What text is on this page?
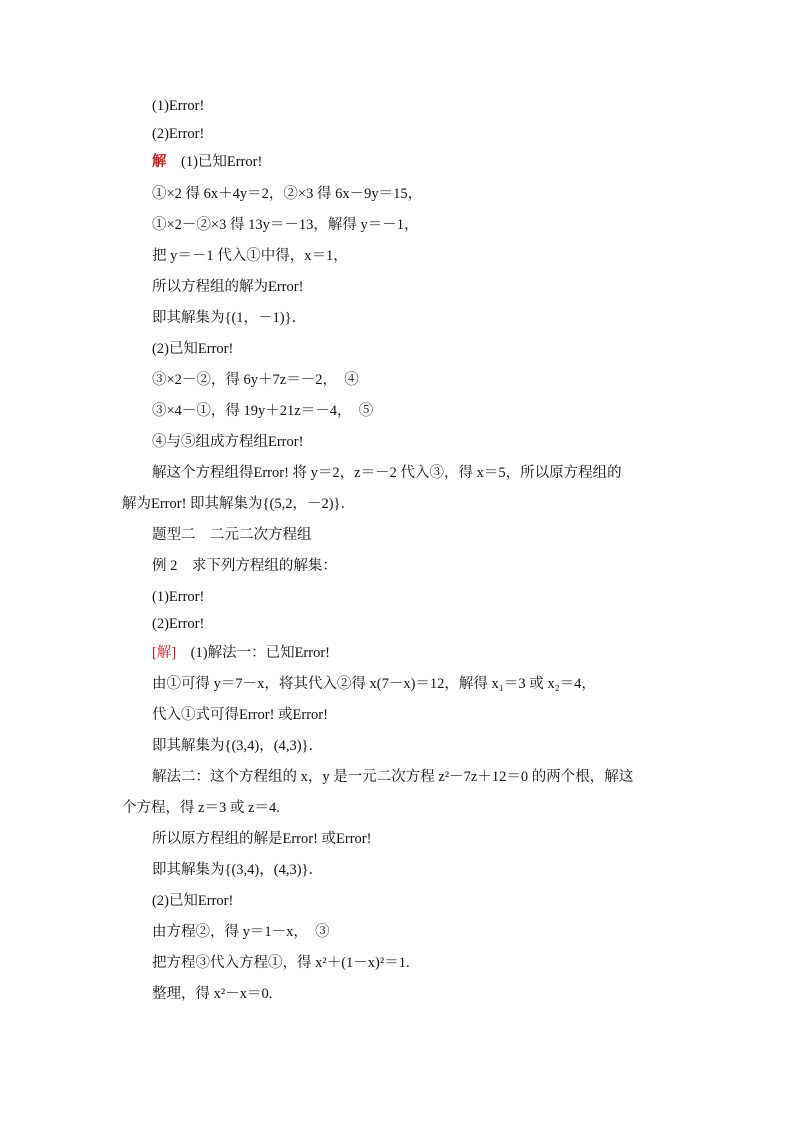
(1)Error!
(2)Error!
解　 (1)已知Error!
①×2 得 6x＋4y＝2，②×3 得 6x－9y＝15，
①×2－②×3 得 13y＝－13，解得 y＝－1，
把 y＝－1 代入①中得，x＝1，
所以方程组的解为Error!
即其解集为{(1，－1)}．
(2)已知Error!
③×2－②，得 6y＋7z＝－2，　④
③×4－①，得 19y＋21z＝－4，　⑤
④与⑤组成方程组Error!
解这个方程组得Error! 将 y＝2，z＝－2 代入③，得 x＝5，所以原方程组的
解为Error! 即其解集为{(5,2，－2)}．
题型二　二元二次方程组
例 2　求下列方程组的解集：
(1)Error!
(2)Error!
[解]  (1)解法一：已知Error!
由①可得 y＝7－x，将其代入②得 x(7－x)＝12，解得 x₁＝3 或 x₂＝4，
代入①式可得Error! 或Error!
即其解集为{(3,4)，(4,3)}．
解法二：这个方程组的 x，y 是一元二次方程 z²－7z＋12＝0 的两个根，解这
个方程，得 z＝3 或 z＝4.
所以原方程组的解是Error! 或Error!
即其解集为{(3,4)，(4,3)}．
(2)已知Error!
由方程②，得 y＝1－x，　③
把方程③代入方程①，得 x²＋(1－x)²＝1.
整理，得 x²－x＝0.
